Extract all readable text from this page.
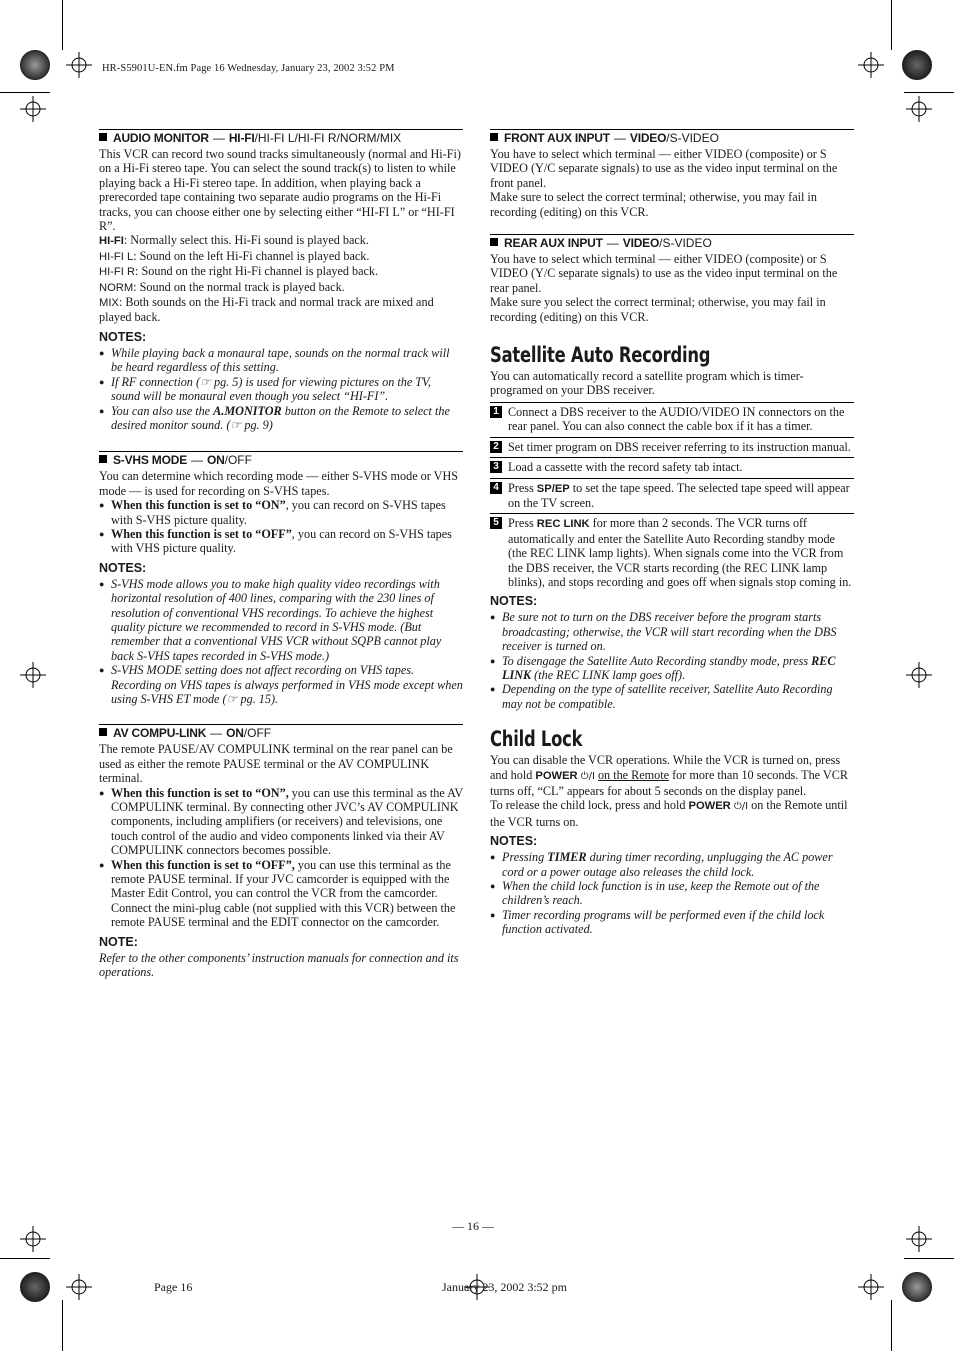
HR-S5901U-EN.fm Page 16 Wednesday, January 23, 2002 3:52 PM
AUDIO MONITOR — HI-FI /HI-FI L/HI-FI R/NORM/MIX

This VCR can record two sound tracks simultaneously (normal and Hi-Fi) on a Hi-Fi stereo tape. You can select the sound track(s) to listen to while playing back a Hi-Fi stereo tape. In addition, when playing back a prerecorded tape containing two separate audio programs on the Hi-Fi tracks, you can choose either one by selecting either “HI-FI L” or “HI-FI R”.

HI-FI: Normally select this. Hi-Fi sound is played back.

HI-FI L: Sound on the left Hi-Fi channel is played back.

HI-FI R: Sound on the right Hi-Fi channel is played back.

NORM: Sound on the normal track is played back.

MIX: Both sounds on the Hi-Fi track and normal track are mixed and played back.

NOTES:
● While playing back a monaural tape, sounds on the normal track will be heard regardless of this setting.
● If RF connection (☞ pg. 5) is used for viewing pictures on the TV, sound will be monaural even though you select “HI-FI”.
● You can also use the A.MONITOR button on the Remote to select the desired monitor sound. (☞ pg. 9)
S-VHS MODE — ON /OFF

You can determine which recording mode — either S-VHS mode or VHS mode — is used for recording on S-VHS tapes.

● When this function is set to “ON”, you can record on S-VHS tapes with S-VHS picture quality.
● When this function is set to “OFF”, you can record on S-VHS tapes with VHS picture quality.
NOTES:
● S-VHS mode allows you to make high quality video recordings with horizontal resolution of 400 lines, comparing with the 230 lines of resolution of conventional VHS recordings. To achieve the highest quality picture we recommended to record in S-VHS mode. (But remember that a conventional VHS VCR without SQPB cannot play back S-VHS tapes recorded in S-VHS mode.)
● S-VHS MODE setting does not affect recording on VHS tapes. Recording on VHS tapes is always performed in VHS mode except when using S-VHS ET mode (☞ pg. 15).
AV COMPU-LINK — ON /OFF

The remote PAUSE/AV COMPULINK terminal on the rear panel can be used as either the remote PAUSE terminal or the AV COMPULINK terminal.

● When this function is set to “ON”, you can use this terminal as the AV COMPULINK terminal. By connecting other JVC’s AV COMPULINK components, including amplifiers (or receivers) and televisions, one touch control of the audio and video components linked via their AV COMPULINK connectors becomes possible.
● When this function is set to “OFF”, you can use this terminal as the remote PAUSE terminal. If your JVC camcorder is equipped with the Master Edit Control, you can control the VCR from the camcorder. Connect the mini-plug cable (not supplied with this VCR) between the remote PAUSE terminal and the EDIT connector on the camcorder.
NOTE:

Refer to the other components’ instruction manuals for connection and its operations.

FRONT AUX INPUT — VIDEO /S-VIDEO

You have to select which terminal — either VIDEO (composite) or S VIDEO (Y/C separate signals) to use as the video input terminal on the front panel.

Make sure to select the correct terminal; otherwise, you may fail in recording (editing) on this VCR.

REAR AUX INPUT — VIDEO /S-VIDEO

You have to select which terminal — either VIDEO (composite) or S VIDEO (Y/C separate signals) to use as the video input terminal on the rear panel.

Make sure you select the correct terminal; otherwise, you may fail in recording (editing) on this VCR.

Satellite Auto Recording

You can automatically record a satellite program which is timer-programed on your DBS receiver.

1 Connect a DBS receiver to the AUDIO/VIDEO IN connectors on the rear panel. You can also connect the cable box if it has a timer.
2 Set timer program on DBS receiver referring to its instruction manual.
3 Load a cassette with the record safety tab intact.
4 Press SP/EP to set the tape speed. The selected tape speed will appear on the TV screen.
5 Press REC LINK for more than 2 seconds. The VCR turns off automatically and enter the Satellite Auto Recording standby mode (the REC LINK lamp lights). When signals come into the VCR from the DBS receiver, the VCR starts recording (the REC LINK lamp blinks), and stops recording and goes off when signals stop coming in.
NOTES:
● Be sure not to turn on the DBS receiver before the program starts broadcasting; otherwise, the VCR will start recording when the DBS receiver is turned on.
● To disengage the Satellite Auto Recording standby mode, press REC LINK (the REC LINK lamp goes off).
● Depending on the type of satellite receiver, Satellite Auto Recording may not be compatible.
Child Lock

You can disable the VCR operations. While the VCR is turned on, press and hold POWER ⏻/I on the Remote for more than 10 seconds. The VCR turns off, “CL” appears for about 5 seconds on the display panel.

To release the child lock, press and hold POWER ⏻/I on the Remote until the VCR turns on.

NOTES:
● Pressing TIMER during timer recording, unplugging the AC power cord or a power outage also releases the child lock.
● When the child lock function is in use, keep the Remote out of the children’s reach.
● Timer recording programs will be performed even if the child lock function activated.
— 16 —
Page 16	January 23, 2002 3:52 pm
